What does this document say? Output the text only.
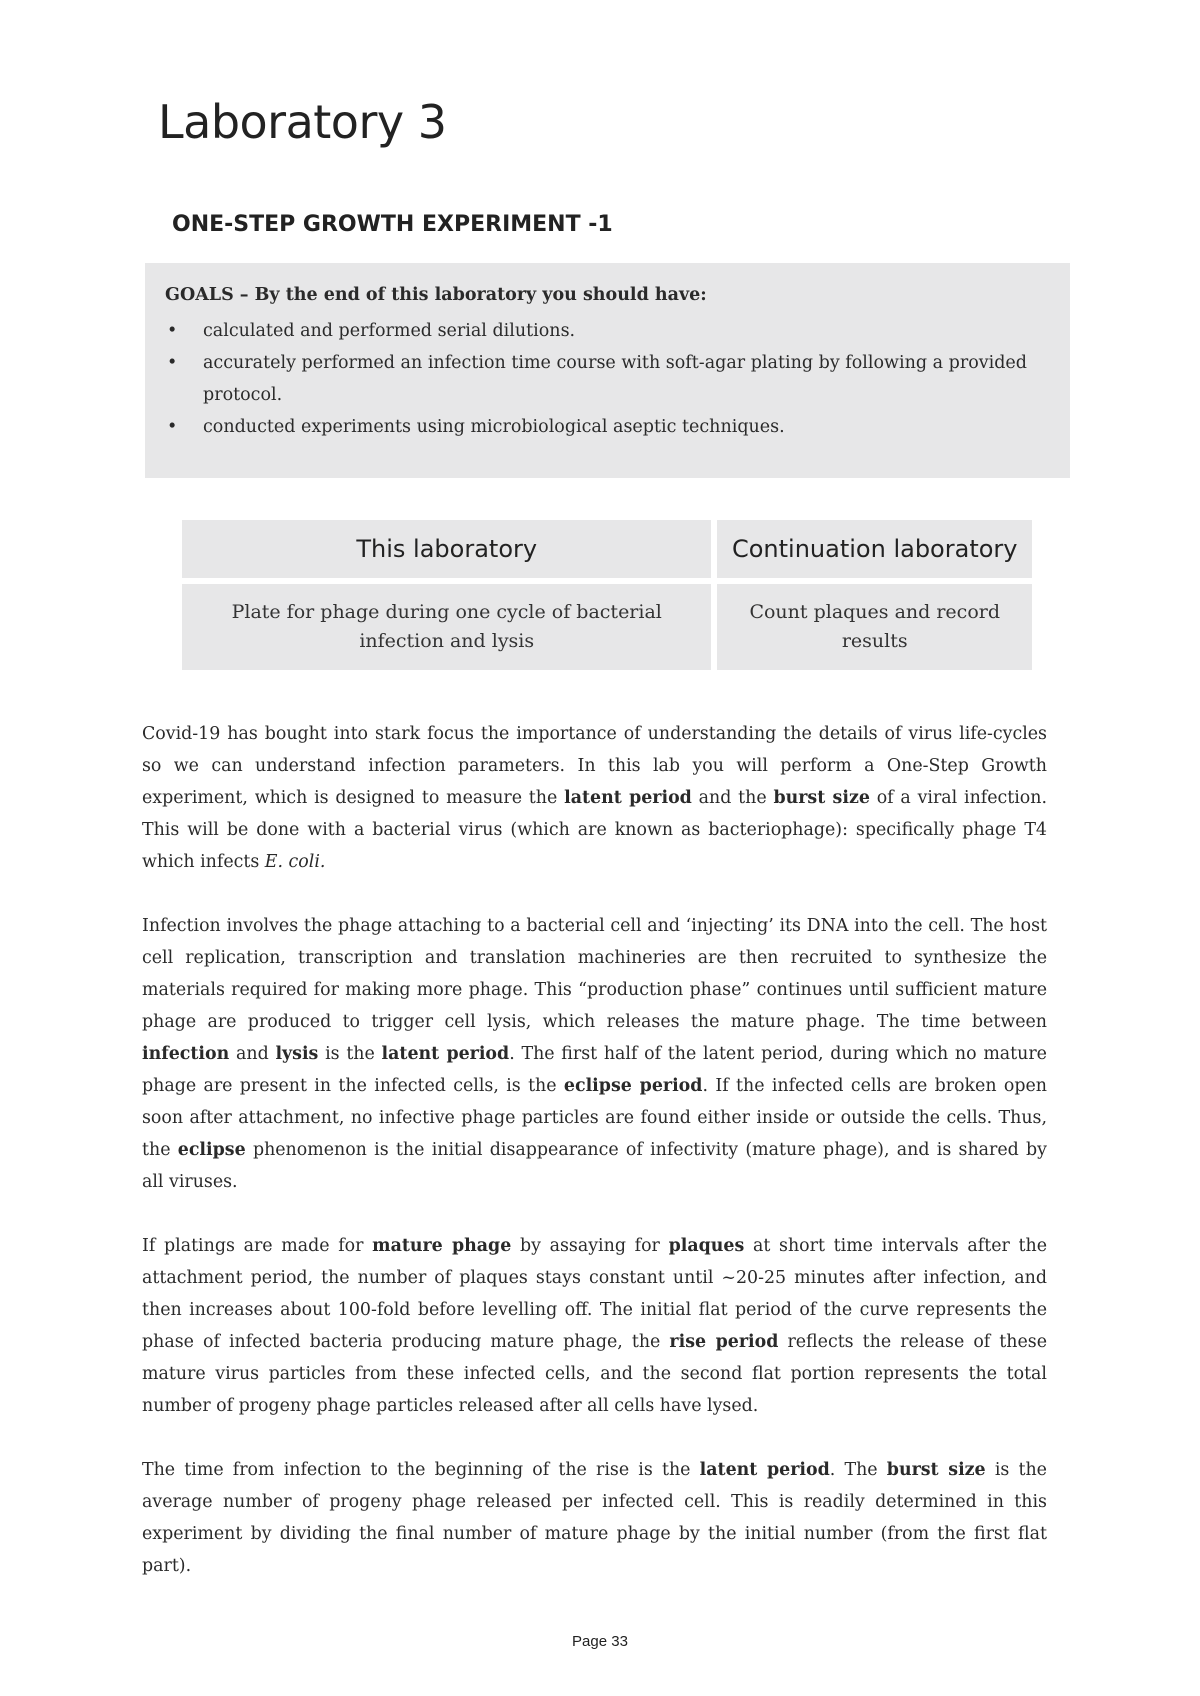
Laboratory 3
ONE-STEP GROWTH EXPERIMENT -1

GOALS – By the end of this laboratory you should have:

• calculated and performed serial dilutions.
• accurately performed an infection time course with soft-agar plating by following a provided protocol.
• conducted experiments using microbiological aseptic techniques.
This laboratory	Continuation laboratory
Plate for phage during one cycle of bacterial infection and lysis	Count plaques and record results

Covid-19 has bought into stark focus the importance of understanding the details of virus life-cycles so we can understand infection parameters. In this lab you will perform a One-Step Growth experiment, which is designed to measure the latent period and the burst size of a viral infection. This will be done with a bacterial virus (which are known as bacteriophage): specifically phage T4 which infects E. coli.

Infection involves the phage attaching to a bacterial cell and ‘injecting’ its DNA into the cell. The host cell replication, transcription and translation machineries are then recruited to synthesize the materials required for making more phage. This “production phase” continues until sufficient mature phage are produced to trigger cell lysis, which releases the mature phage. The time between infection and lysis is the latent period. The first half of the latent period, during which no mature phage are present in the infected cells, is the eclipse period. If the infected cells are broken open soon after attachment, no infective phage particles are found either inside or outside the cells. Thus, the eclipse phenomenon is the initial disappearance of infectivity (mature phage), and is shared by all viruses.

If platings are made for mature phage by assaying for plaques at short time intervals after the attachment period, the number of plaques stays constant until ~20-25 minutes after infection, and then increases about 100-fold before levelling off. The initial flat period of the curve represents the phase of infected bacteria producing mature phage, the rise period reflects the release of these mature virus particles from these infected cells, and the second flat portion represents the total number of progeny phage particles released after all cells have lysed.

The time from infection to the beginning of the rise is the latent period. The burst size is the average number of progeny phage released per infected cell. This is readily determined in this experiment by dividing the final number of mature phage by the initial number (from the first flat part).

Page 33
